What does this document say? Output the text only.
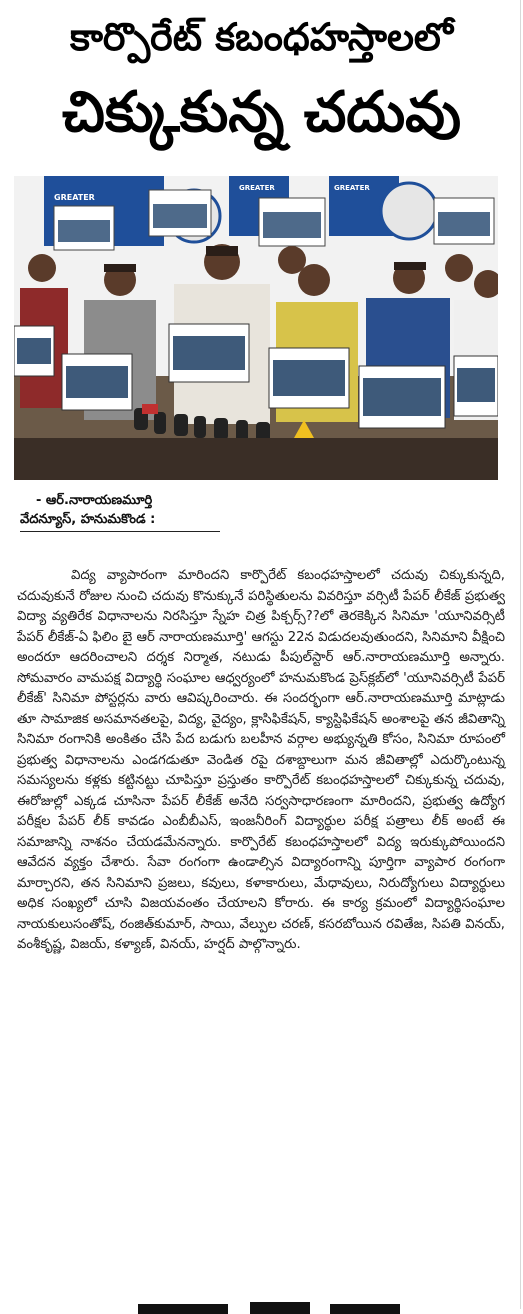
కార్పొరేట్ కబంధహస్తాలలో
చిక్కుకున్న చదువు
GREATER
GREATER	GREATER
- ఆర్.నారాయణమూర్తి
వేదన్యూస్, హనుమకొండ :

విద్య వ్యాపారంగా మారిందని కార్పొరేట్ కబంధహస్తాలలో చదువు చిక్కుకున్నది, చదువుకునే రోజుల నుంచి చదువు కొనుక్కునే పరిస్థితులను వివరిస్తూ వర్సిటీ పేపర్ లీకేజ్ ప్రభుత్వ విద్యా వ్యతిరేక విధానాలను నిరసిస్తూ స్నేహ చిత్ర పిక్చర్స్??లో తెరకెక్కిన సినిమా 'యూనివర్సిటీ పేపర్ లీకేజ్-ఏ ఫిలిం బై ఆర్ నారాయణమూర్తి' ఆగస్టు 22న విడుదలవుతుందని, సినిమాని వీక్షించి అందరూ ఆదరించాలని దర్శక నిర్మాత, నటుడు పీపుల్‌స్టార్ ఆర్.నారాయణమూర్తి అన్నారు. సోమవారం వామపక్ష విద్యార్థి సంఘాల ఆధ్వర్యంలో హనుమకొండ ప్రెస్‌క్లబ్‌లో 'యూనివర్సిటీ పేపర్ లీకేజ్' సినిమా పోస్టర్లను వారు ఆవిష్కరించారు. ఈ సందర్భంగా ఆర్.నారాయణమూర్తి మాట్లాడు తూ సామాజిక అసమానతలపై, విద్య, వైద్యం, క్లాసిఫికేషన్, క్యాస్టిఫికేషన్ అంశాలపై తన జీవితాన్ని సినిమా రంగానికి అంకితం చేసి పేద బడుగు బలహీన వర్గాల అభ్యున్నతి కోసం, సినిమా రూపంలో ప్రభుత్వ విధానాలను ఎండగడుతూ వెండిత రపై దశాబ్దాలుగా మన జీవితాల్లో ఎదుర్కొంటున్న సమస్యలను కళ్లకు కట్టినట్టు చూపిస్తూ ప్రస్తుతం కార్పొరేట్ కబంధహస్తాలలో చిక్కుకున్న చదువు, ఈరోజుల్లో ఎక్కడ చూసినా పేపర్ లీకేజ్ అనేది సర్వసాధారణంగా మారిందని, ప్రభుత్వ ఉద్యోగ పరీక్షల పేపర్ లీక్ కావడం ఎంబీబీఎస్, ఇంజనీరింగ్ విద్యార్థుల పరీక్ష పత్రాలు లీక్ అంటే ఈ సమాజాన్ని నాశనం చేయడమేనన్నారు. కార్పొరేట్ కబంధహస్తాలలో విద్య ఇరుక్కుపోయిందని ఆవేదన వ్యక్తం చేశారు. సేవా రంగంగా ఉండాల్సిన విద్యారంగాన్ని పూర్తిగా వ్యాపార రంగంగా మార్చారని, తన సినిమాని ప్రజలు, కవులు, కళాకారులు, మేధావులు, నిరుద్యోగులు విద్యార్థులు అధిక సంఖ్యలో చూసి విజయవంతం చేయాలని కోరారు. ఈ కార్య క్రమంలో విద్యార్థిసంఘాల నాయకులుసంతోష్, రంజిత్‌కుమార్, సాయి, వేల్పుల చరణ్, కసరబోయిన రవితేజ, సిపతి వినయ్, వంశీకృష్ణ, విజయ్, కళ్యాణ్, వినయ్, హర్షద్ పాల్గొన్నారు.
